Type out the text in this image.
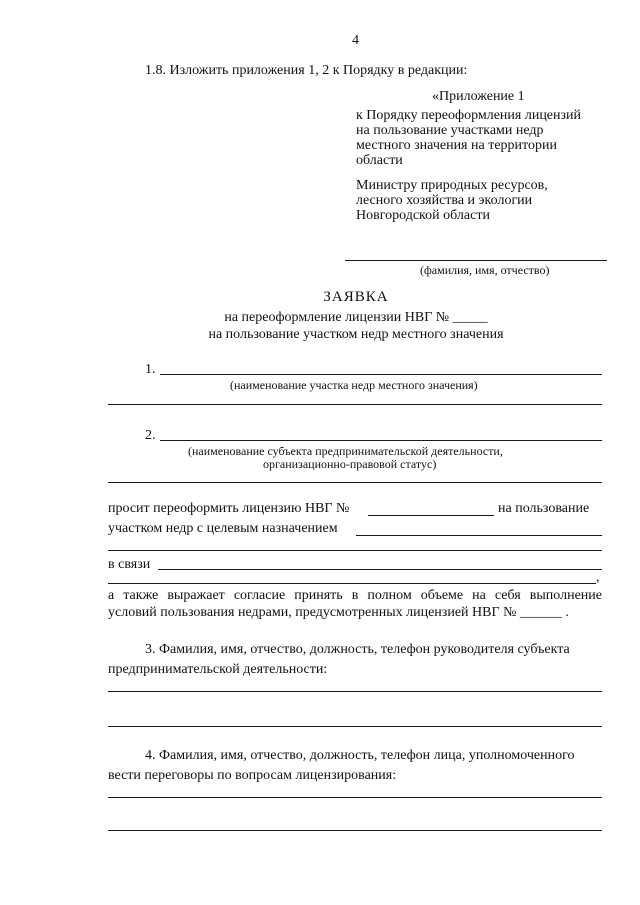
4
1.8. Изложить приложения 1, 2 к Порядку в редакции:
«Приложение 1
к Порядку переоформления лицензий
на пользование участками недр
местного значения на территории
области
Министру природных ресурсов,
лесного хозяйства и экологии
Новгородской области
(фамилия, имя, отчество)
ЗАЯВКА
на переоформление лицензии НВГ № _____
на пользование участком недр местного значения
1.
(наименование участка недр местного значения)
2.
(наименование субъекта предпринимательской деятельности,
организационно-правовой статус)
просит переоформить лицензию НВГ №	на пользование
участком недр с целевым назначением
в связи
,
а также выражает согласие принять в полном объеме на себя выполнение
условий пользования недрами, предусмотренных лицензией НВГ № ______ .
3. Фамилия, имя, отчество, должность, телефон руководителя субъекта
предпринимательской деятельности:
4. Фамилия, имя, отчество, должность, телефон лица, уполномоченного
вести переговоры по вопросам лицензирования:
